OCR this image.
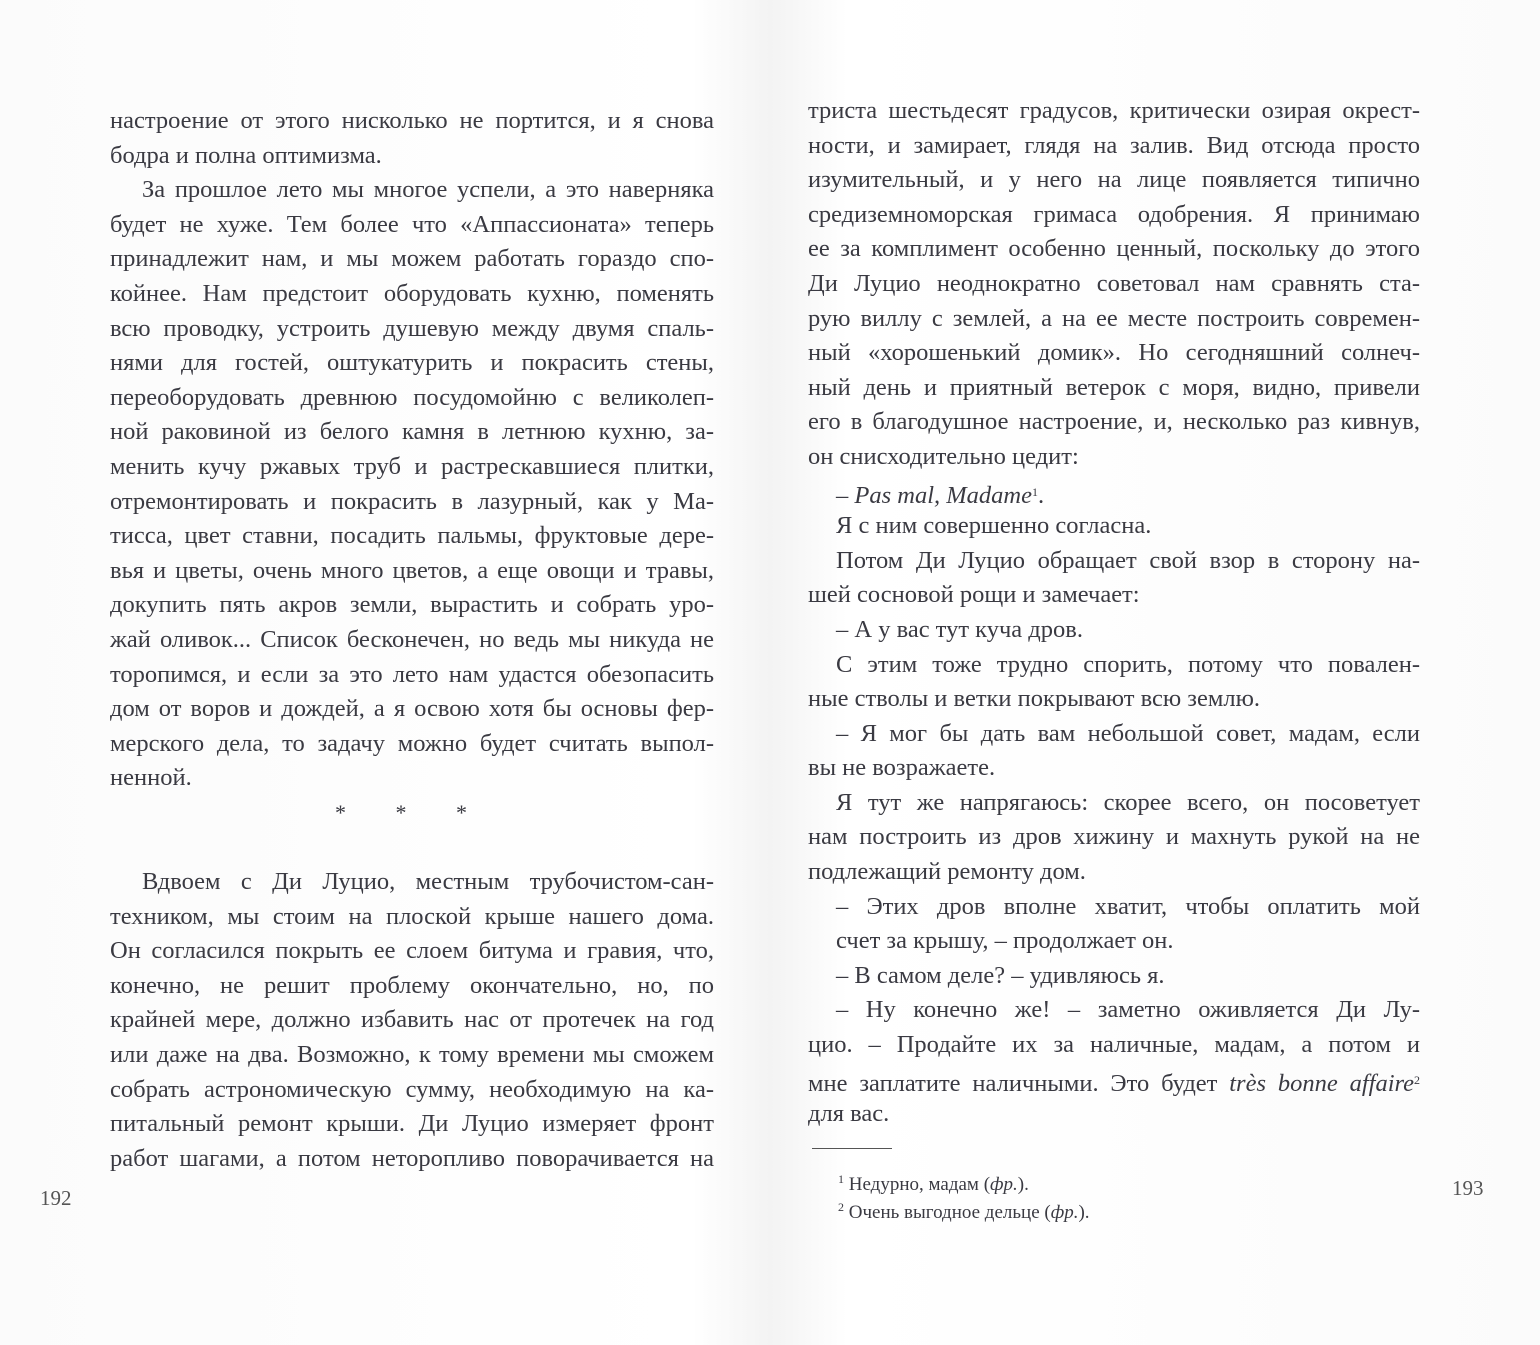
настроение от этого нисколько не портится, и я снова
бодра и полна оптимизма.
За прошлое лето мы многое успели, а это наверняка
будет не хуже. Тем более что «Аппассионата» теперь
принадлежит нам, и мы можем работать гораздо спо-
койнее. Нам предстоит оборудовать кухню, поменять
всю проводку, устроить душевую между двумя спаль-
нями для гостей, оштукатурить и покрасить стены,
переоборудовать древнюю посудомойню с великолеп-
ной раковиной из белого камня в летнюю кухню, за-
менить кучу ржавых труб и растрескавшиеся плитки,
отремонтировать и покрасить в лазурный, как у Ма-
тисса, цвет ставни, посадить пальмы, фруктовые дере-
вья и цветы, очень много цветов, а еще овощи и травы,
докупить пять акров земли, вырастить и собрать уро-
жай оливок... Список бесконечен, но ведь мы никуда не
торопимся, и если за это лето нам удастся обезопасить
дом от воров и дождей, а я освою хотя бы основы фер-
мерского дела, то задачу можно будет считать выпол-
ненной.
* * *
Вдвоем с Ди Луцио, местным трубочистом-сан-
техником, мы стоим на плоской крыше нашего дома.
Он согласился покрыть ее слоем битума и гравия, что,
конечно, не решит проблему окончательно, но, по
крайней мере, должно избавить нас от протечек на год
или даже на два. Возможно, к тому времени мы сможем
собрать астрономическую сумму, необходимую на ка-
питальный ремонт крыши. Ди Луцио измеряет фронт
работ шагами, а потом неторопливо поворачивается на
192
триста шестьдесят градусов, критически озирая окрест-
ности, и замирает, глядя на залив. Вид отсюда просто
изумительный, и у него на лице появляется типично
средиземноморская гримаса одобрения. Я принимаю
ее за комплимент особенно ценный, поскольку до этого
Ди Луцио неоднократно советовал нам сравнять ста-
рую виллу с землей, а на ее месте построить современ-
ный «хорошенький домик». Но сегодняшний солнеч-
ный день и приятный ветерок с моря, видно, привели
его в благодушное настроение, и, несколько раз кивнув,
он снисходительно цедит:
– Pas mal, Madame$^1$.
Я с ним совершенно согласна.
Потом Ди Луцио обращает свой взор в сторону на-
шей сосновой рощи и замечает:
– А у вас тут куча дров.
С этим тоже трудно спорить, потому что повален-
ные стволы и ветки покрывают всю землю.
– Я мог бы дать вам небольшой совет, мадам, если
вы не возражаете.
Я тут же напрягаюсь: скорее всего, он посоветует
нам построить из дров хижину и махнуть рукой на не
подлежащий ремонту дом.
– Этих дров вполне хватит, чтобы оплатить мой
счет за крышу, – продолжает он.
– В самом деле? – удивляюсь я.
– Ну конечно же! – заметно оживляется Ди Лу-
цио. – Продайте их за наличные, мадам, а потом и
мне заплатите наличными. Это будет très bonne affaire$^2$
для вас.
$^1$ Недурно, мадам (фр.).
$^2$ Очень выгодное дельце (фр.).
193
